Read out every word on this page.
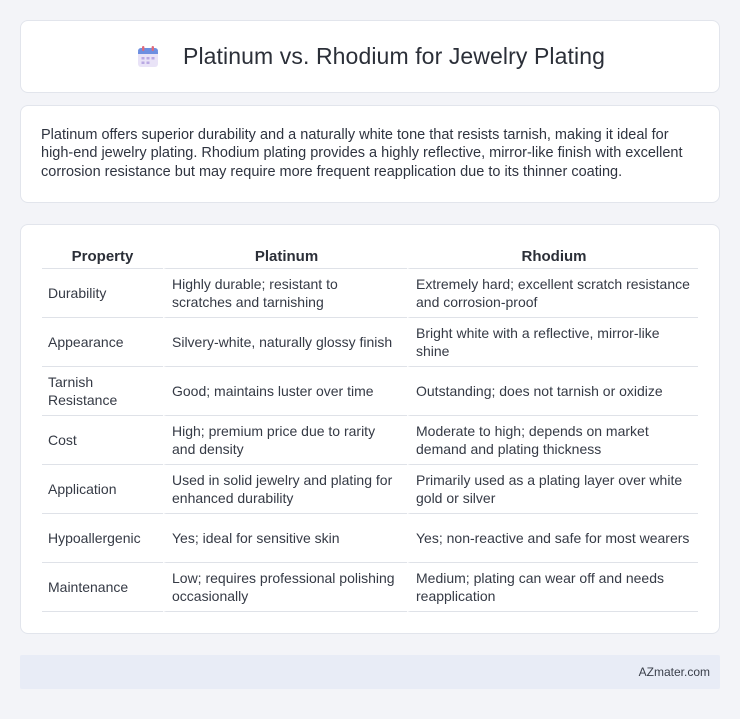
Platinum vs. Rhodium for Jewelry Plating

Platinum offers superior durability and a naturally white tone that resists tarnish, making it ideal for high-end jewelry plating. Rhodium plating provides a highly reflective, mirror-like finish with excellent corrosion resistance but may require more frequent reapplication due to its thinner coating.

Property	Platinum	Rhodium
Durability	Highly durable; resistant to scratches and tarnishing	Extremely hard; excellent scratch resistance and corrosion-proof
Appearance	Silvery-white, naturally glossy finish	Bright white with a reflective, mirror-like shine
Tarnish Resistance	Good; maintains luster over time	Outstanding; does not tarnish or oxidize
Cost	High; premium price due to rarity and density	Moderate to high; depends on market demand and plating thickness
Application	Used in solid jewelry and plating for enhanced durability	Primarily used as a plating layer over white gold or silver
Hypoallergenic	Yes; ideal for sensitive skin	Yes; non-reactive and safe for most wearers
Maintenance	Low; requires professional polishing occasionally	Medium; plating can wear off and needs reapplication
AZmater.com
